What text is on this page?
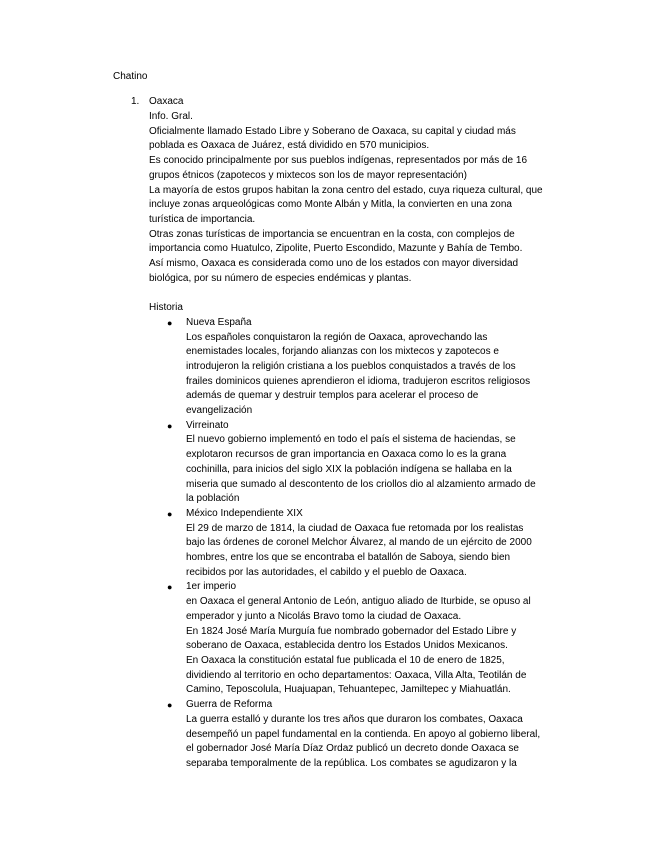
Chatino
1. Oaxaca

Info. Gral.

Oficialmente llamado Estado Libre y Soberano de Oaxaca, su capital y ciudad más poblada es Oaxaca de Juárez, está dividido en 570 municipios.

Es conocido principalmente por sus pueblos indígenas, representados por más de 16 grupos étnicos (zapotecos y mixtecos son los de mayor representación)

La mayoría de estos grupos habitan la zona centro del estado, cuya riqueza cultural, que incluye zonas arqueológicas como Monte Albán y Mitla, la convierten en una zona turística de importancia.

Otras zonas turísticas de importancia se encuentran en la costa, con complejos de importancia como Huatulco, Zipolite, Puerto Escondido, Mazunte y Bahía de Tembo.

Así mismo, Oaxaca es considerada como uno de los estados con mayor diversidad biológica, por su número de especies endémicas y plantas.

Historia

● Nueva España

Los españoles conquistaron la región de Oaxaca, aprovechando las enemistades locales, forjando alianzas con los mixtecos y zapotecos e introdujeron la religión cristiana a los pueblos conquistados a través de los frailes dominicos quienes aprendieron el idioma, tradujeron escritos religiosos además de quemar y destruir templos para acelerar el proceso de evangelización

● Virreinato

El nuevo gobierno implementó en todo el país el sistema de haciendas, se explotaron recursos de gran importancia en Oaxaca como lo es la grana cochinilla, para inicios del siglo XIX la población indígena se hallaba en la miseria que sumado al descontento de los criollos dio al alzamiento armado de la población

● México Independiente XIX

El 29 de marzo de 1814, la ciudad de Oaxaca fue retomada por los realistas bajo las órdenes de coronel Melchor Álvarez, al mando de un ejército de 2000 hombres, entre los que se encontraba el batallón de Saboya, siendo bien recibidos por las autoridades, el cabildo y el pueblo de Oaxaca.

● 1er imperio

en Oaxaca el general Antonio de León, antiguo aliado de Iturbide, se opuso al emperador y junto a Nicolás Bravo tomo la ciudad de Oaxaca.

En 1824 José María Murguía fue nombrado gobernador del Estado Libre y soberano de Oaxaca, establecida dentro los Estados Unidos Mexicanos.

En Oaxaca la constitución estatal fue publicada el 10 de enero de 1825, dividiendo al territorio en ocho departamentos: Oaxaca, Villa Alta, Teotilán de Camino, Teposcolula, Huajuapan, Tehuantepec, Jamiltepec y Miahuatlán.

● Guerra de Reforma

La guerra estalló y durante los tres años que duraron los combates, Oaxaca desempeñó un papel fundamental en la contienda. En apoyo al gobierno liberal, el gobernador José María Díaz Ordaz publicó un decreto donde Oaxaca se separaba temporalmente de la república. Los combates se agudizaron y la
